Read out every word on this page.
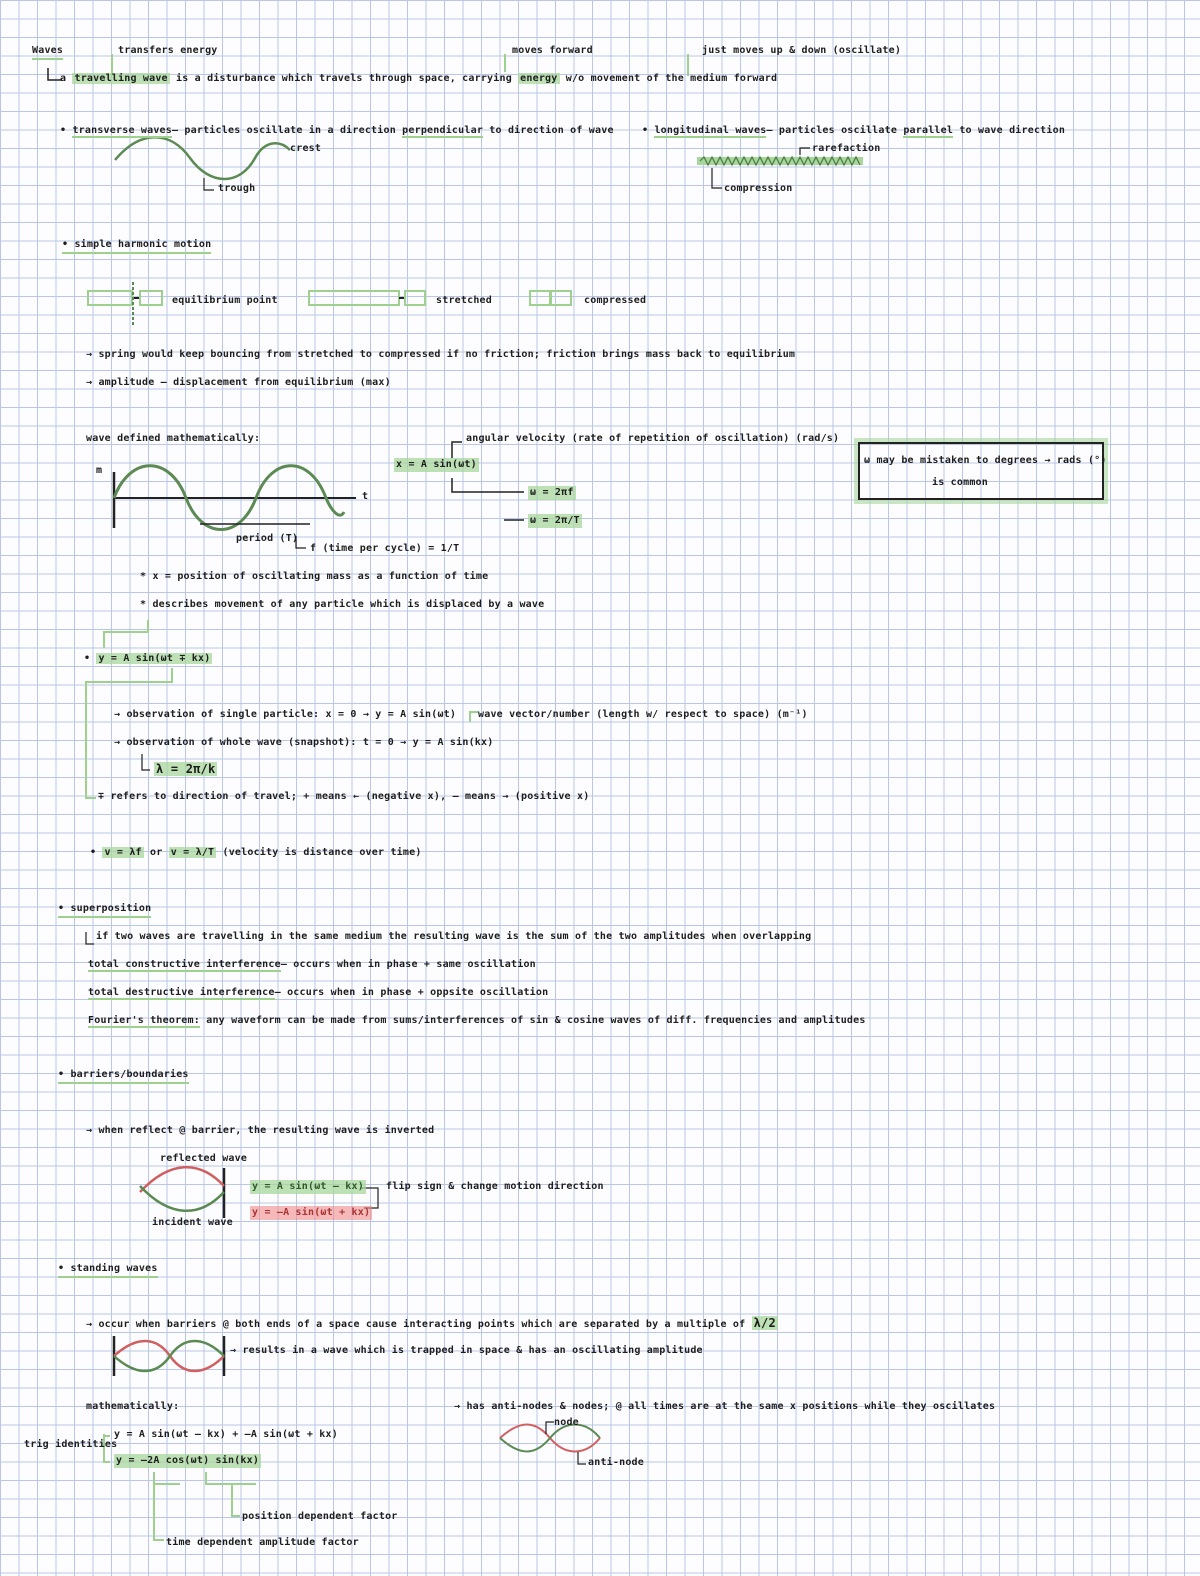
Waves	transfers energy	moves forward	just moves up & down (oscillate)
a travelling wave is a disturbance which travels through space, carrying energy w/o movement of the medium forward
• transverse waves– particles oscillate in a direction perpendicular to direction of wave
crest
trough
• longitudinal waves– particles oscillate parallel to wave direction
rarefaction
compression
• simple harmonic motion
equilibrium point	stretched	compressed
→ spring would keep bouncing from stretched to compressed if no friction; friction brings mass back to equilibrium
→ amplitude – displacement from equilibrium (max)
wave defined mathematically:
m
t
x = A sin(ωt)
angular velocity (rate of repetition of oscillation) (rad/s)
ω = 2πf
ω = 2π/T
period (T)
f (time per cycle) = 1/T
ω may be mistaken to degrees → rads (°)
is common
* x = position of oscillating mass as a function of time
* describes movement of any particle which is displaced by a wave
• y = A sin(ωt ∓ kx)
→ observation of single particle: x = 0 → y = A sin(ωt) wave vector/number (length w/ respect to space) (m⁻¹)
→ observation of whole wave (snapshot): t = 0 → y = A sin(kx)
λ = 2π/k
∓ refers to direction of travel; + means ← (negative x), – means → (positive x)
• v = λf or v = λ/T (velocity is distance over time)
• superposition
if two waves are travelling in the same medium the resulting wave is the sum of the two amplitudes when overlapping
total constructive interference– occurs when in phase + same oscillation
total destructive interference– occurs when in phase + oppsite oscillation
Fourier's theorem: any waveform can be made from sums/interferences of sin & cosine waves of diff. frequencies and amplitudes
• barriers/boundaries
→ when reflect @ barrier, the resulting wave is inverted
reflected wave
incident wave
y = A sin(ωt – kx)
y = –A sin(ωt + kx)
flip sign & change motion direction
• standing waves
→ occur when barriers @ both ends of a space cause interacting points which are separated by a multiple of λ/2
→ results in a wave which is trapped in space & has an oscillating amplitude
mathematically:	→ has anti-nodes & nodes; @ all times are at the same x positions while they oscillates
node
anti-node
trig identities
y = A sin(ωt – kx) + –A sin(ωt + kx)
y = –2A cos(ωt) sin(kx)
position dependent factor
time dependent amplitude factor
